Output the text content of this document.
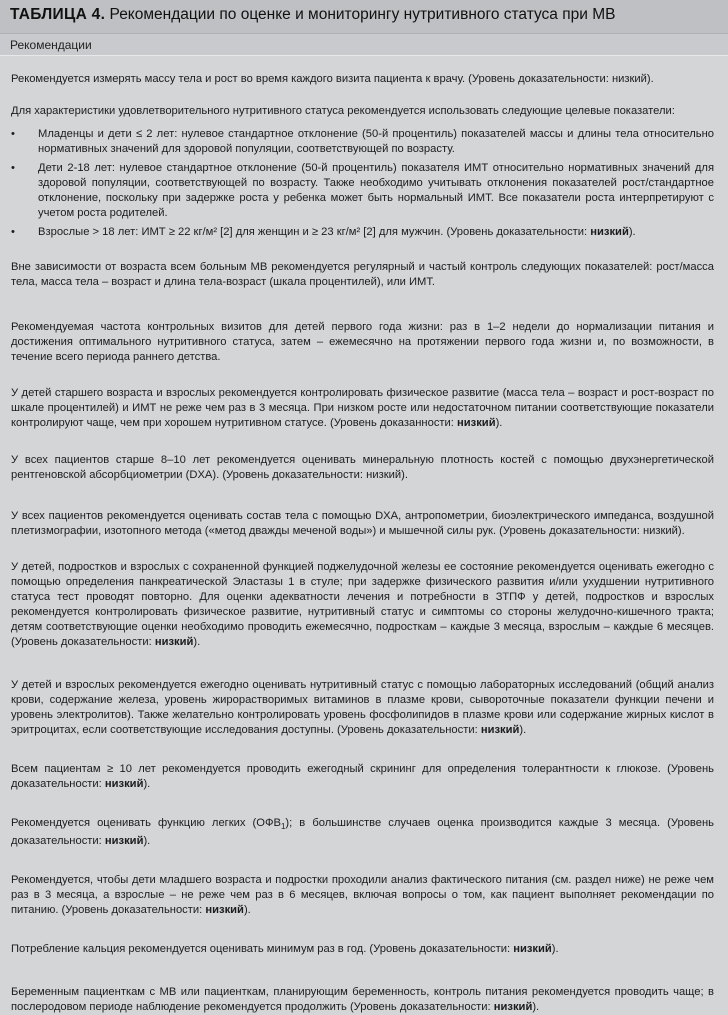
ТАБЛИЦА 4. Рекомендации по оценке и мониторингу нутритивного статуса при МВ
Рекомендации

Рекомендуется измерять массу тела и рост во время каждого визита пациента к врачу. (Уровень доказательности: низкий).

Для характеристики удовлетворительного нутритивного статуса рекомендуется использовать следующие целевые показатели:

• Младенцы и дети ≤ 2 лет: нулевое стандартное отклонение (50-й процентиль) показателей массы и длины тела относительно нормативных значений для здоровой популяции, соответствующей по возрасту.
• Дети 2-18 лет: нулевое стандартное отклонение (50-й процентиль) показателя ИМТ относительно нормативных значений для здоровой популяции, соответствующей по возрасту. Также необходимо учитывать отклонения показателей рост/стандартное отклонение, поскольку при задержке роста у ребенка может быть нормальный ИМТ. Все показатели роста интерпретируют с учетом роста родителей.
• Взрослые > 18 лет: ИМТ ≥ 22 кг/м² [2] для женщин и ≥ 23 кг/м² [2] для мужчин. (Уровень доказательности: низкий).

Вне зависимости от возраста всем больным МВ рекомендуется регулярный и частый контроль следующих показателей: рост/масса тела, масса тела – возраст и длина тела-возраст (шкала процентилей), или ИМТ.

Рекомендуемая частота контрольных визитов для детей первого года жизни: раз в 1–2 недели до нормализации питания и достижения оптимального нутритивного статуса, затем – ежемесячно на протяжении первого года жизни и, по возможности, в течение всего периода раннего детства.

У детей старшего возраста и взрослых рекомендуется контролировать физическое развитие (масса тела – возраст и рост-возраст по шкале процентилей) и ИМТ не реже чем раз в 3 месяца. При низком росте или недостаточном питании соответствующие показатели контролируют чаще, чем при хорошем нутритивном статусе. (Уровень доказанности: низкий).

У всех пациентов старше 8–10 лет рекомендуется оценивать минеральную плотность костей с помощью двухэнергетической рентгеновской абсорбциометрии (DXA). (Уровень доказательности: низкий).

У всех пациентов рекомендуется оценивать состав тела с помощью DXA, антропометрии, биоэлектрического импеданса, воздушной плетизмографии, изотопного метода («метод дважды меченой воды») и мышечной силы рук. (Уровень доказательности: низкий).

У детей, подростков и взрослых с сохраненной функцией поджелудочной железы ее состояние рекомендуется оценивать ежегодно с помощью определения панкреатической Эластазы 1 в стуле; при задержке физического развития и/или ухудшении нутритивного статуса тест проводят повторно. Для оценки адекватности лечения и потребности в ЗТПФ у детей, подростков и взрослых рекомендуется контролировать физическое развитие, нутритивный статус и симптомы со стороны желудочно-кишечного тракта; детям соответствующие оценки необходимо проводить ежемесячно, подросткам – каждые 3 месяца, взрослым – каждые 6 месяцев. (Уровень доказательности: низкий).

У детей и взрослых рекомендуется ежегодно оценивать нутритивный статус с помощью лабораторных исследований (общий анализ крови, содержание железа, уровень жирорастворимых витаминов в плазме крови, сывороточные показатели функции печени и уровень электролитов). Также желательно контролировать уровень фосфолипидов в плазме крови или содержание жирных кислот в эритроцитах, если соответствующие исследования доступны. (Уровень доказательности: низкий).

Всем пациентам ≥ 10 лет рекомендуется проводить ежегодный скрининг для определения толерантности к глюкозе. (Уровень доказательности: низкий).

Рекомендуется оценивать функцию легких $(ОФВ_1)$; в большинстве случаев оценка производится каждые 3 месяца. (Уровень доказательности: низкий).

Рекомендуется, чтобы дети младшего возраста и подростки проходили анализ фактического питания (см. раздел ниже) не реже чем раз в 3 месяца, а взрослые – не реже чем раз в 6 месяцев, включая вопросы о том, как пациент выполняет рекомендации по питанию. (Уровень доказательности: низкий).

Потребление кальция рекомендуется оценивать минимум раз в год. (Уровень доказательности: низкий).

Беременным пациенткам с МВ или пациенткам, планирующим беременность, контроль питания рекомендуется проводить чаще; в послеродовом периоде наблюдение рекомендуется продолжить (Уровень доказательности: низкий).
